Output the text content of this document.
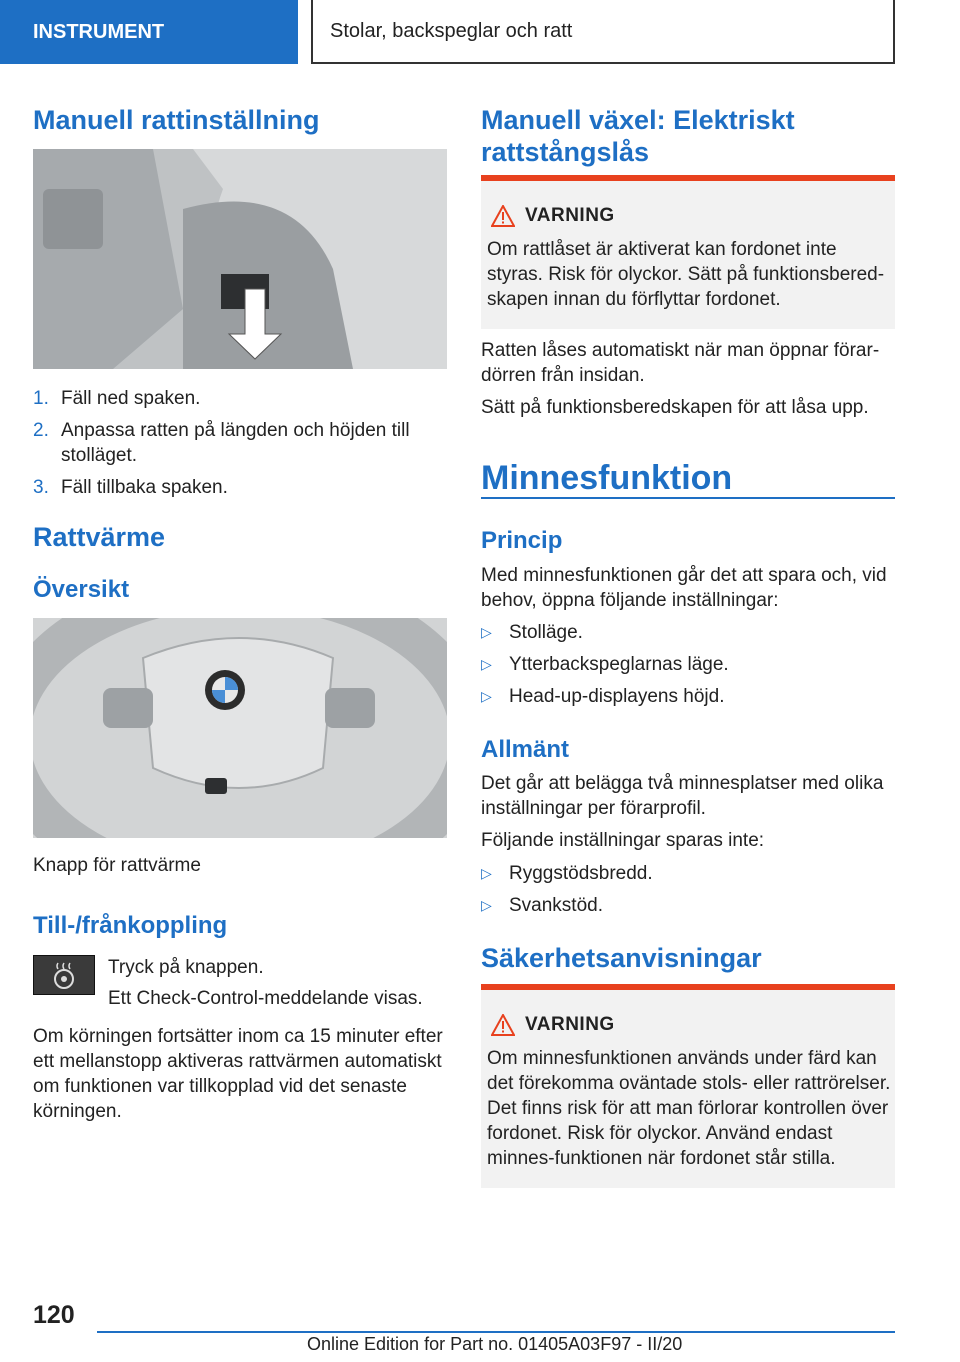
INSTRUMENT	Stolar, backspeglar och ratt
Manuell rattinställning
1. Fäll ned spaken.
2. Anpassa ratten på längden och höjden till stolläget.
3. Fäll tillbaka spaken.
Rattvärme
Översikt

Knapp för rattvärme

Till-/frånkoppling

Tryck på knappen.

Ett Check-Control-meddelande visas.

Om körningen fortsätter inom ca 15 minuter efter ett mellanstopp aktiveras rattvärmen automatiskt om funktionen var tillkopplad vid det senaste körningen.

Manuell växel: Elektriskt rattstångslås
VARNING
Om rattlåset är aktiverat kan fordonet inte styras. Risk för olyckor. Sätt på funktionsberedskapen innan du förflyttar fordonet.

Ratten låses automatiskt när man öppnar förardörren från insidan.

Sätt på funktionsberedskapen för att låsa upp.

Minnesfunktion
Princip

Med minnesfunktionen går det att spara och, vid behov, öppna följande inställningar:

▷ Stolläge.
▷ Ytterbackspeglarnas läge.
▷ Head-up-displayens höjd.
Allmänt

Det går att belägga två minnesplatser med olika inställningar per förarprofil.

Följande inställningar sparas inte:

▷ Ryggstödsbredd.
▷ Svankstöd.
Säkerhetsanvisningar
VARNING
Om minnesfunktionen används under färd kan det förekomma oväntade stols- eller rattrörelser. Det finns risk för att man förlorar kontrollen över fordonet. Risk för olyckor. Använd endast minnes-funktionen när fordonet står stilla.
120
Online Edition for Part no. 01405A03F97 - II/20
